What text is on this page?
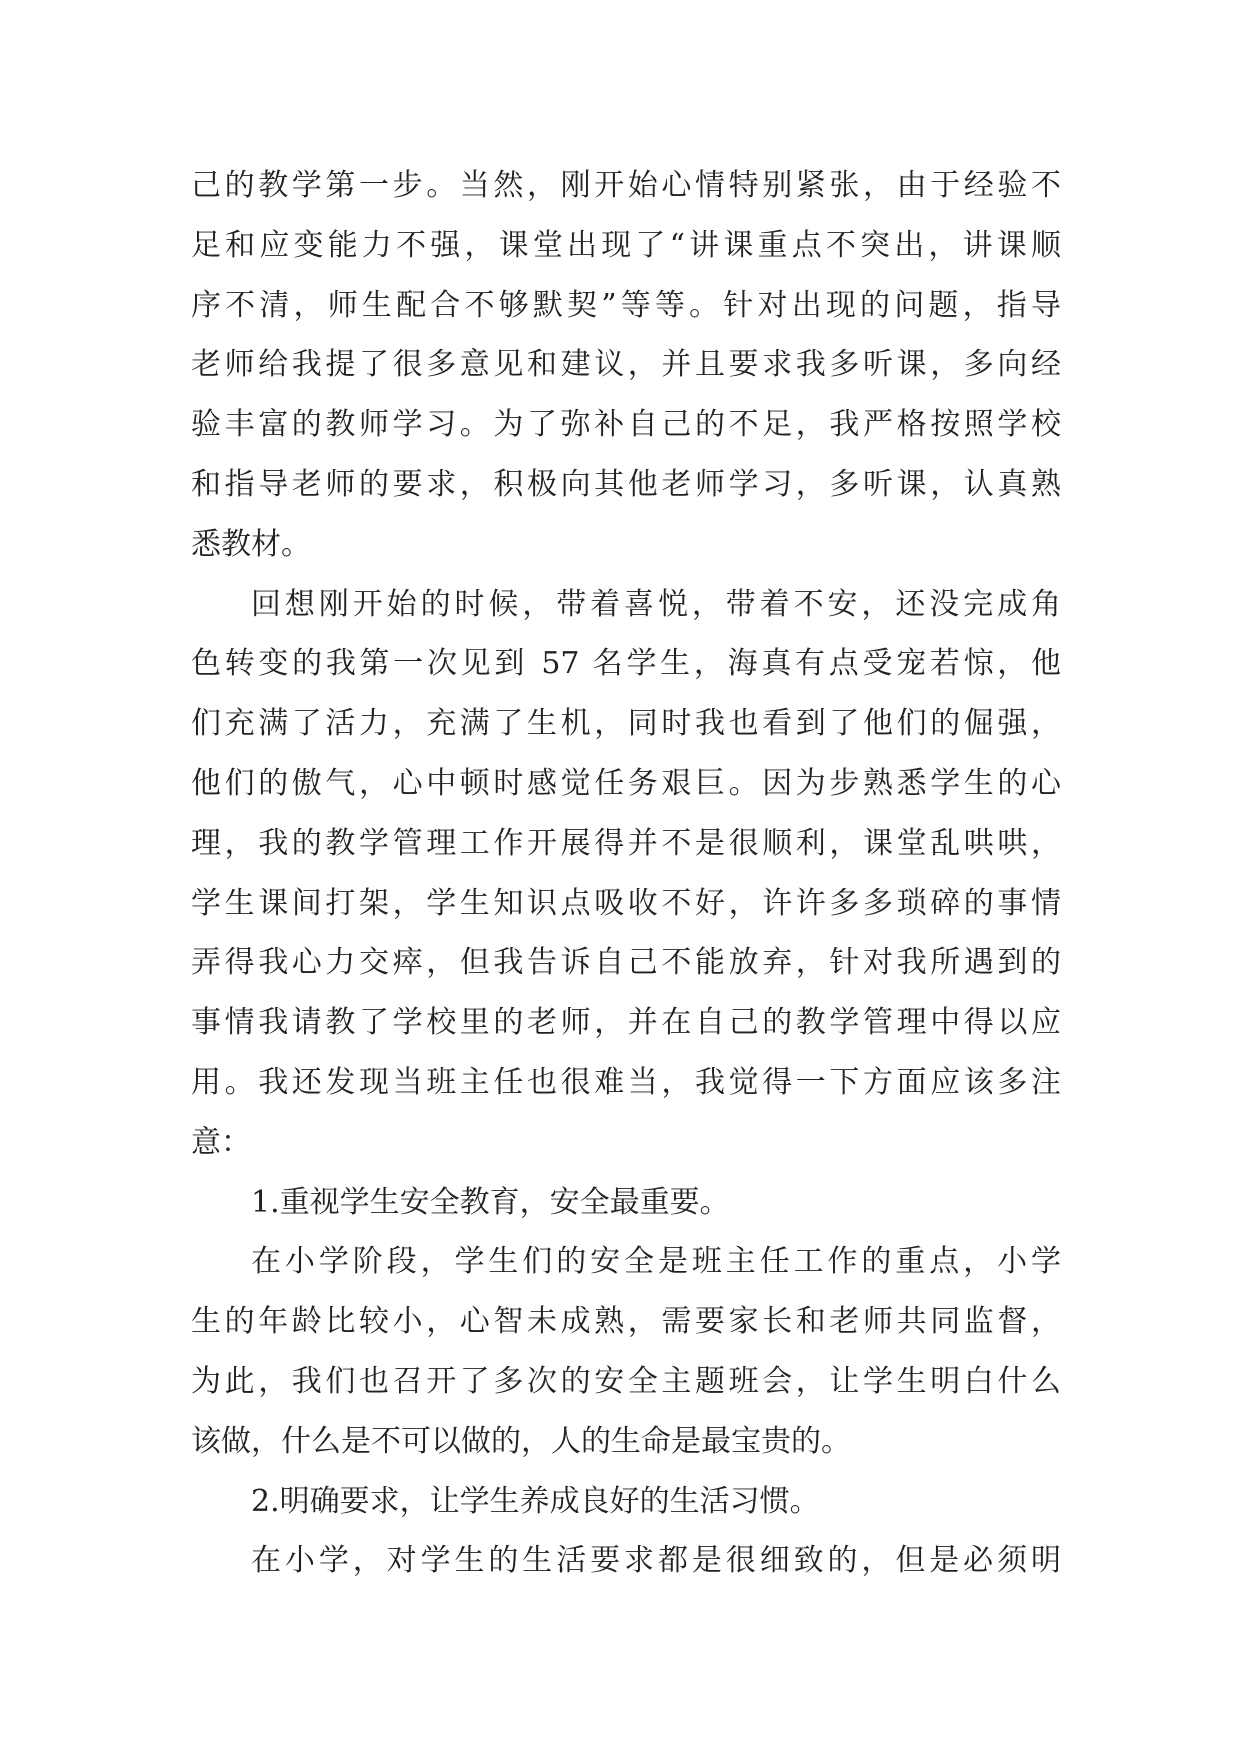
己的教学第一步。当然，刚开始心情特别紧张，由于经验不
足和应变能力不强，课堂出现了“讲课重点不突出，讲课顺
序不清，师生配合不够默契”等等。针对出现的问题，指导
老师给我提了很多意见和建议，并且要求我多听课，多向经
验丰富的教师学习。为了弥补自己的不足，我严格按照学校
和指导老师的要求，积极向其他老师学习，多听课，认真熟
悉教材。
回想刚开始的时候，带着喜悦，带着不安，还没完成角
色转变的我第一次见到 57 名学生，海真有点受宠若惊，他
们充满了活力，充满了生机，同时我也看到了他们的倔强，
他们的傲气，心中顿时感觉任务艰巨。因为步熟悉学生的心
理，我的教学管理工作开展得并不是很顺利，课堂乱哄哄，
学生课间打架，学生知识点吸收不好，许许多多琐碎的事情
弄得我心力交瘁，但我告诉自己不能放弃，针对我所遇到的
事情我请教了学校里的老师，并在自己的教学管理中得以应
用。我还发现当班主任也很难当，我觉得一下方面应该多注
意：
1.重视学生安全教育，安全最重要。
在小学阶段，学生们的安全是班主任工作的重点，小学
生的年龄比较小，心智未成熟，需要家长和老师共同监督，
为此，我们也召开了多次的安全主题班会，让学生明白什么
该做，什么是不可以做的，人的生命是最宝贵的。
2.明确要求，让学生养成良好的生活习惯。
在小学，对学生的生活要求都是很细致的，但是必须明
